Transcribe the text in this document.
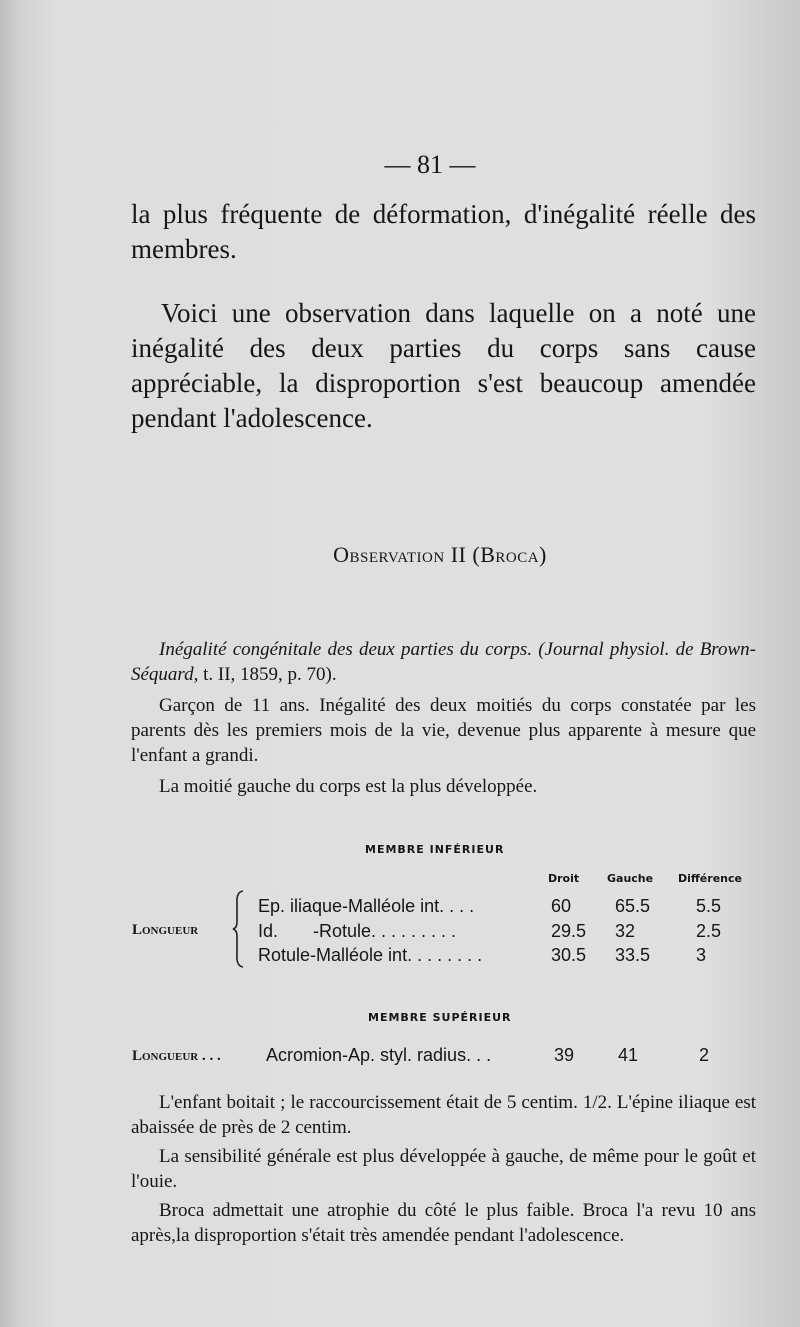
— 81 —

la plus fréquente de déformation, d'inégalité réelle des membres.

Voici une observation dans laquelle on a noté une inégalité des deux parties du corps sans cause appréciable, la disproportion s'est beaucoup amendée pendant l'adolescence.

Observation II (Broca)

Inégalité congénitale des deux parties du corps. (Journal physiol. de Brown-Séquard, t. II, 1859, p. 70).

Garçon de 11 ans. Inégalité des deux moitiés du corps constatée par les parents dès les premiers mois de la vie, devenue plus apparente à mesure que l'enfant a grandi.

La moitié gauche du corps est la plus développée.

MEMBRE INFÉRIEUR
Droit	Gauche Différence
Longueur
Ep. iliaque-Malléole int. . . .	60 65.5	5.5
Id.       -Rotule. . . . . . . . .	29.5 32	2.5
Rotule-Malléole int. . . . . . . .	30.5 33.5	3
MEMBRE SUPÉRIEUR
Longueur . . .	Acromion-Ap. styl. radius. . .	39 41	2

L'enfant boitait ; le raccourcissement était de 5 centim. 1/2. L'épine iliaque est abaissée de près de 2 centim.

La sensibilité générale est plus développée à gauche, de même pour le goût et l'ouie.

Broca admettait une atrophie du côté le plus faible. Broca l'a revu 10 ans après,la disproportion s'était très amendée pendant l'adolescence.
